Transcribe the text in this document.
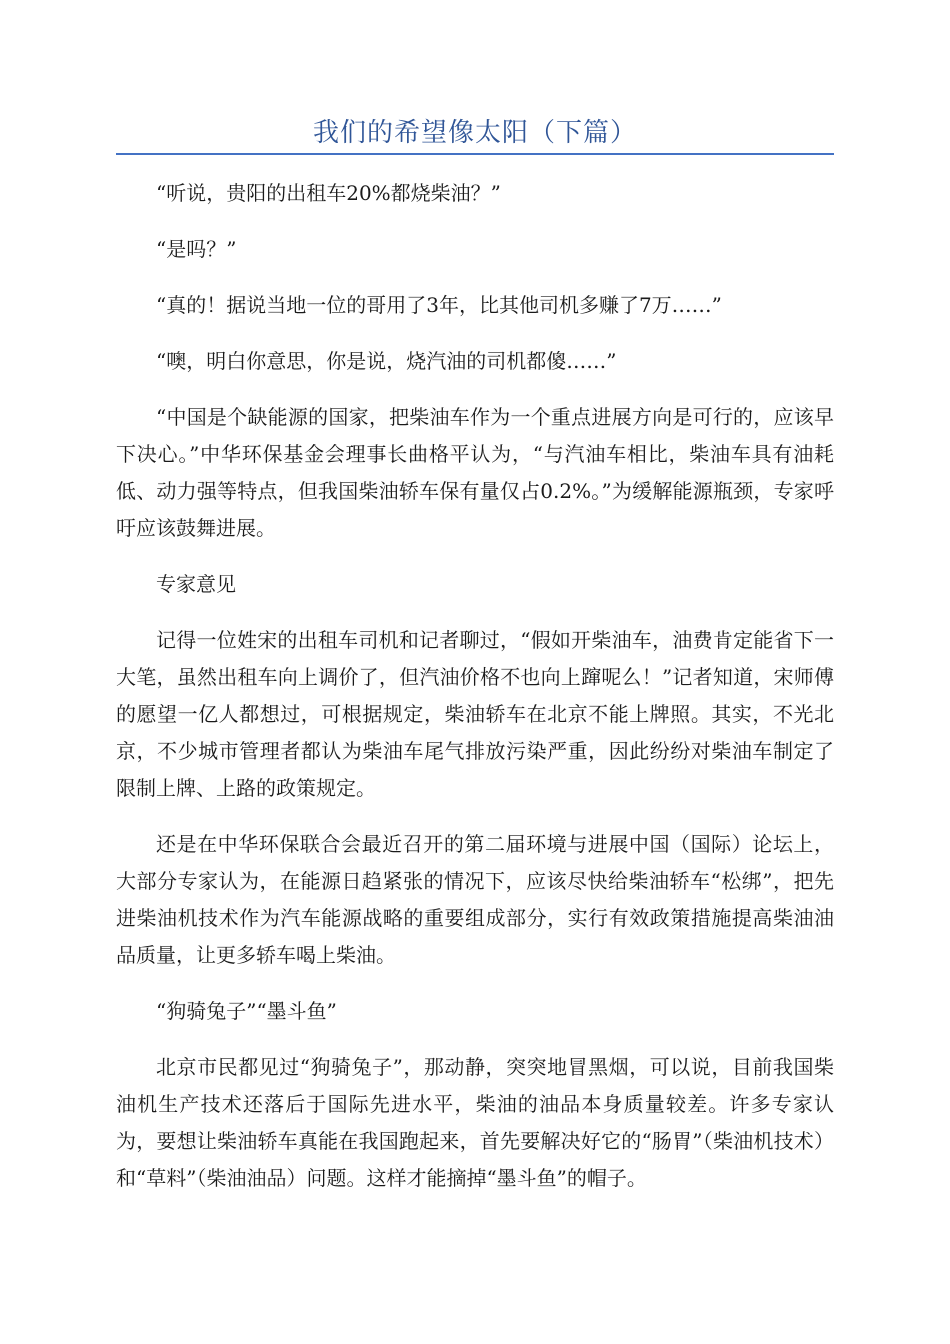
我们的希望像太阳（下篇）

“听说，贵阳的出租车20%都烧柴油？”

“是吗？”

“真的！据说当地一位的哥用了3年，比其他司机多赚了7万……”

“噢，明白你意思，你是说，烧汽油的司机都傻……”

“中国是个缺能源的国家，把柴油车作为一个重点进展方向是可行的，应该早下决心。”中华环保基金会理事长曲格平认为，“与汽油车相比，柴油车具有油耗低、动力强等特点，但我国柴油轿车保有量仅占0.2%。”为缓解能源瓶颈，专家呼吁应该鼓舞进展。

专家意见

记得一位姓宋的出租车司机和记者聊过，“假如开柴油车，油费肯定能省下一大笔，虽然出租车向上调价了，但汽油价格不也向上蹿呢么！”记者知道，宋师傅的愿望一亿人都想过，可根据规定，柴油轿车在北京不能上牌照。其实，不光北京，不少城市管理者都认为柴油车尾气排放污染严重，因此纷纷对柴油车制定了限制上牌、上路的政策规定。

还是在中华环保联合会最近召开的第二届环境与进展中国（国际）论坛上，大部分专家认为，在能源日趋紧张的情况下，应该尽快给柴油轿车“松绑”，把先进柴油机技术作为汽车能源战略的重要组成部分，实行有效政策措施提高柴油油品质量，让更多轿车喝上柴油。

“狗骑兔子”“墨斗鱼”

北京市民都见过“狗骑兔子”，那动静，突突地冒黑烟，可以说，目前我国柴油机生产技术还落后于国际先进水平，柴油的油品本身质量较差。许多专家认为，要想让柴油轿车真能在我国跑起来，首先要解决好它的“肠胃”（柴油机技术）和“草料”（柴油油品）问题。这样才能摘掉“墨斗鱼”的帽子。
